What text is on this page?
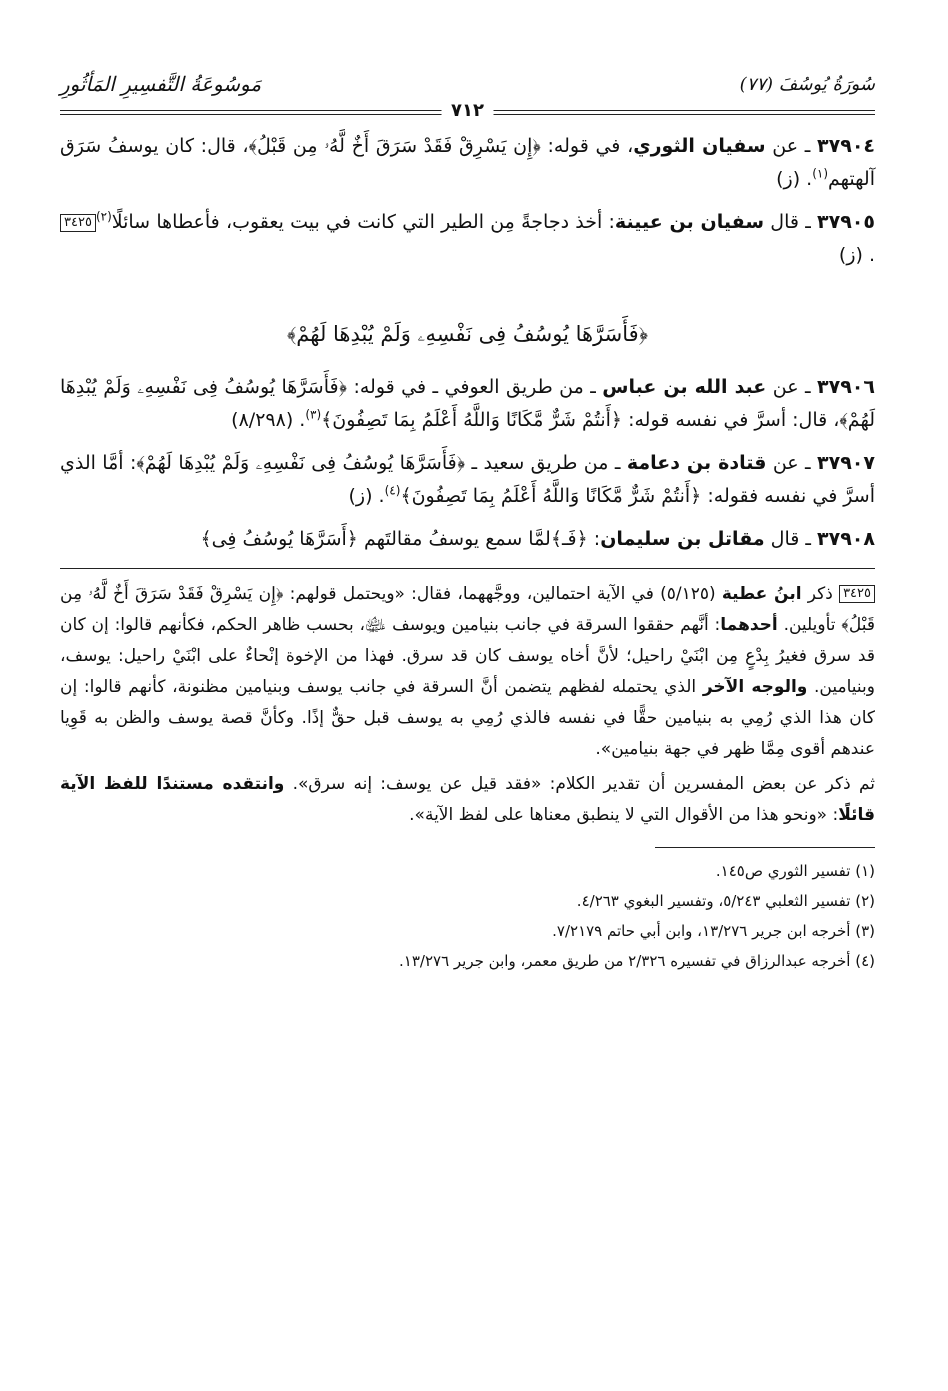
سُورَةُ يُوسُفَ (٧٧)
مَوسُوعَةُ التَّفسِيرِ المَأثُورِ
٧١٢

٣٧٩٠٤ ـ عن سفيان الثوري، في قوله: ﴿إِن يَسْرِقْ فَقَدْ سَرَقَ أَخٌ لَّهُۥ مِن قَبْلُ﴾، قال: كان يوسفُ سَرَق آلهتهم$^{(١)}$. (ز)

٣٧٩٠٥ ـ قال سفيان بن عيينة: أخذ دجاجةً مِن الطير التي كانت في بيت يعقوب، فأعطاها سائلًا$^{(٢)}$٣٤٢٥. (ز)

﴿فَأَسَرَّهَا يُوسُفُ فِى نَفْسِهِۦ وَلَمْ يُبْدِهَا لَهُمْ﴾

٣٧٩٠٦ ـ عن عبد الله بن عباس ـ من طريق العوفي ـ في قوله: ﴿فَأَسَرَّهَا يُوسُفُ فِى نَفْسِهِۦ وَلَمْ يُبْدِهَا لَهُمْ﴾، قال: أسرَّ في نفسه قوله: ﴿أَنتُمْ شَرٌّ مَّكَانًا وَاللَّهُ أَعْلَمُ بِمَا تَصِفُونَ﴾$^{(٣)}$. (٨/٢٩٨)

٣٧٩٠٧ ـ عن قتادة بن دعامة ـ من طريق سعيد ـ ﴿فَأَسَرَّهَا يُوسُفُ فِى نَفْسِهِۦ وَلَمْ يُبْدِهَا لَهُمْ﴾: أمَّا الذي أسرَّ في نفسه فقوله: ﴿أَنتُمْ شَرٌّ مَّكَانًا وَاللَّهُ أَعْلَمُ بِمَا تَصِفُونَ﴾$^{(٤)}$. (ز)

٣٧٩٠٨ ـ قال مقاتل بن سليمان: ﴿فَـ﴾لمَّا سمع يوسفُ مقالتَهم ﴿أَسَرَّهَا يُوسُفُ فِى﴾

٣٤٢٥ ذكر ابنُ عطية (٥/١٢٥) في الآية احتمالين، ووجَّههما، فقال: «ويحتمل قولهم: ﴿إِن يَسْرِقْ فَقَدْ سَرَقَ أَخٌ لَّهُۥ مِن قَبْلُ﴾ تأويلين. أحدهما: أنَّهم حققوا السرقة في جانب بنيامين ويوسف ﵉، بحسب ظاهر الحكم، فكأنهم قالوا: إن كان قد سرق فغيرُ بِدْعٍ مِن ابْنَيْ راحيل؛ لأنَّ أخاه يوسف كان قد سرق. فهذا من الإخوة إنْحاءٌ على ابْنَيْ راحيل: يوسف، وبنيامين. والوجه الآخر الذي يحتمله لفظهم يتضمن أنَّ السرقة في جانب يوسف وبنيامين مظنونة، كأنهم قالوا: إن كان هذا الذي رُمِي به بنيامين حقًّا في نفسه فالذي رُمِي به يوسف قبل حقٌّ إذًا. وكأنَّ قصة يوسف والظن به قَوِيا عندهم أقوى مِمَّا ظهر في جهة بنيامين».

ثم ذكر عن بعض المفسرين أن تقدير الكلام: «فقد قيل عن يوسف: إنه سرق». وانتقده مستندًا للفظ الآية قائلًا: «ونحو هذا من الأقوال التي لا ينطبق معناها على لفظ الآية».

(١) تفسير الثوري ص١٤٥.
(٢) تفسير الثعلبي ٥/٢٤٣، وتفسير البغوي ٤/٢٦٣.
(٣) أخرجه ابن جرير ١٣/٢٧٦، وابن أبي حاتم ٧/٢١٧٩.
(٤) أخرجه عبدالرزاق في تفسيره ٢/٣٢٦ من طريق معمر، وابن جرير ١٣/٢٧٦.
